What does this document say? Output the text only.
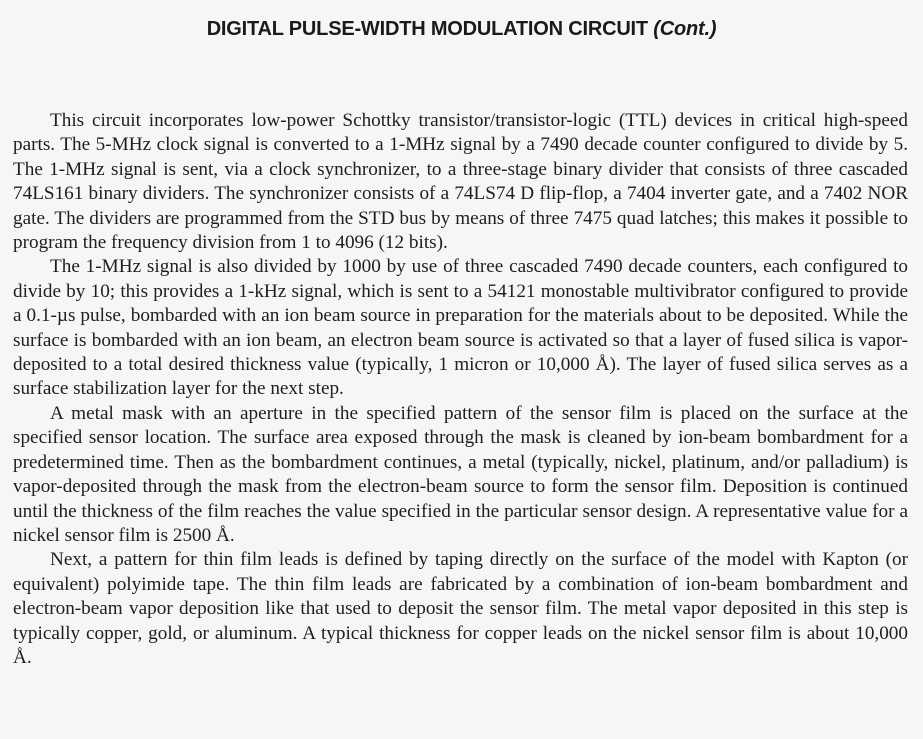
DIGITAL PULSE-WIDTH MODULATION CIRCUIT (Cont.)

This circuit incorporates low-power Schottky transistor/transistor-logic (TTL) devices in critical high-speed parts. The 5-MHz clock signal is converted to a 1-MHz signal by a 7490 decade counter configured to divide by 5. The 1-MHz signal is sent, via a clock synchronizer, to a three-stage binary divider that consists of three cascaded 74LS161 binary dividers. The synchronizer consists of a 74LS74 D flip-flop, a 7404 inverter gate, and a 7402 NOR gate. The dividers are programmed from the STD bus by means of three 7475 quad latches; this makes it possible to program the frequency division from 1 to 4096 (12 bits).

The 1-MHz signal is also divided by 1000 by use of three cascaded 7490 decade counters, each configured to divide by 10; this provides a 1-kHz signal, which is sent to a 54121 monostable multivibrator configured to provide a 0.1-µs pulse, bombarded with an ion beam source in preparation for the materials about to be deposited. While the surface is bombarded with an ion beam, an electron beam source is activated so that a layer of fused silica is vapor-deposited to a total desired thickness value (typically, 1 micron or 10,000 Å). The layer of fused silica serves as a surface stabilization layer for the next step.

A metal mask with an aperture in the specified pattern of the sensor film is placed on the surface at the specified sensor location. The surface area exposed through the mask is cleaned by ion-beam bombardment for a predetermined time. Then as the bombardment continues, a metal (typically, nickel, platinum, and/or palladium) is vapor-deposited through the mask from the electron-beam source to form the sensor film. Deposition is continued until the thickness of the film reaches the value specified in the particular sensor design. A representative value for a nickel sensor film is 2500 Å.

Next, a pattern for thin film leads is defined by taping directly on the surface of the model with Kapton (or equivalent) polyimide tape. The thin film leads are fabricated by a combination of ion-beam bombardment and electron-beam vapor deposition like that used to deposit the sensor film. The metal vapor deposited in this step is typically copper, gold, or aluminum. A typical thickness for copper leads on the nickel sensor film is about 10,000 Å.
